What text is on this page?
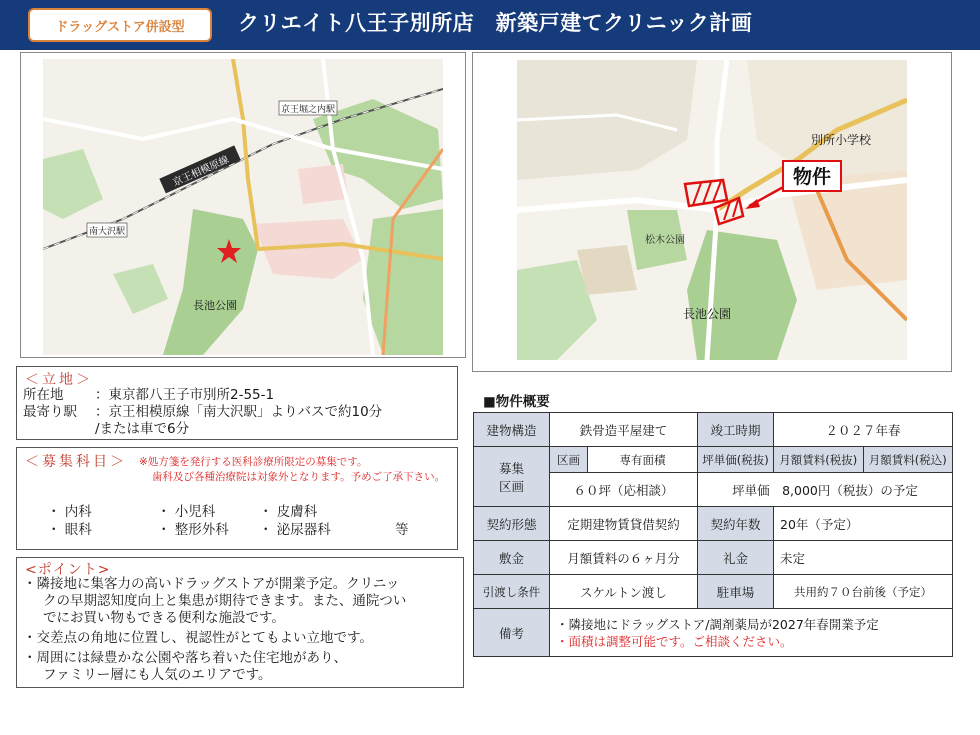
ドラッグストア併設型	クリエイト八王子別所店　新築戸建てクリニック計画
京王相模原線
京王堀之内駅
南大沢駅
長池公園
物件
別所小学校
松木公園
長池公園
＜立地＞
所在地 ：東京都八王子市別所2-55-1
最寄り駅 ：京王相模原線「南大沢駅」よりバスで約10分
/または車で6分
＜募集科目＞ ※処方箋を発行する医科診療所限定の募集です。
歯科及び各種治療院は対象外となります。予めご了承下さい。
・ 内科	・ 小児科	・ 皮膚科
・ 眼科	・ 整形外科 ・ 泌尿器科	等
<ポイント>
・隣接地に集客力の高いドラッグストアが開業予定。クリニッ
クの早期認知度向上と集患が期待できます。また、通院つい
でにお買い物もできる便利な施設です。
・交差点の角地に位置し、視認性がとてもよい立地です。
・周囲には緑豊かな公園や落ち着いた住宅地があり、
ファミリー層にも人気のエリアです。
■物件概要
建物構造	鉄骨造平屋建て		竣工時期	２０２７年春	
募集
区画	区画	専有面積	坪単価(税抜)	月額賃料(税抜)	月額賃料(税込)
	６０坪（応相談）		坪単価　8,000円（税抜）の予定		
契約形態	定期建物賃貸借契約		契約年数	20年（予定）	
敷金	月額賃料の６ヶ月分		礼金	未定	
引渡し条件	スケルトン渡し		駐車場	共用約７０台前後（予定）	
備考	・隣接地にドラッグストア/調剤薬局が2027年春開業予定
・面積は調整可能です。ご相談ください。				
